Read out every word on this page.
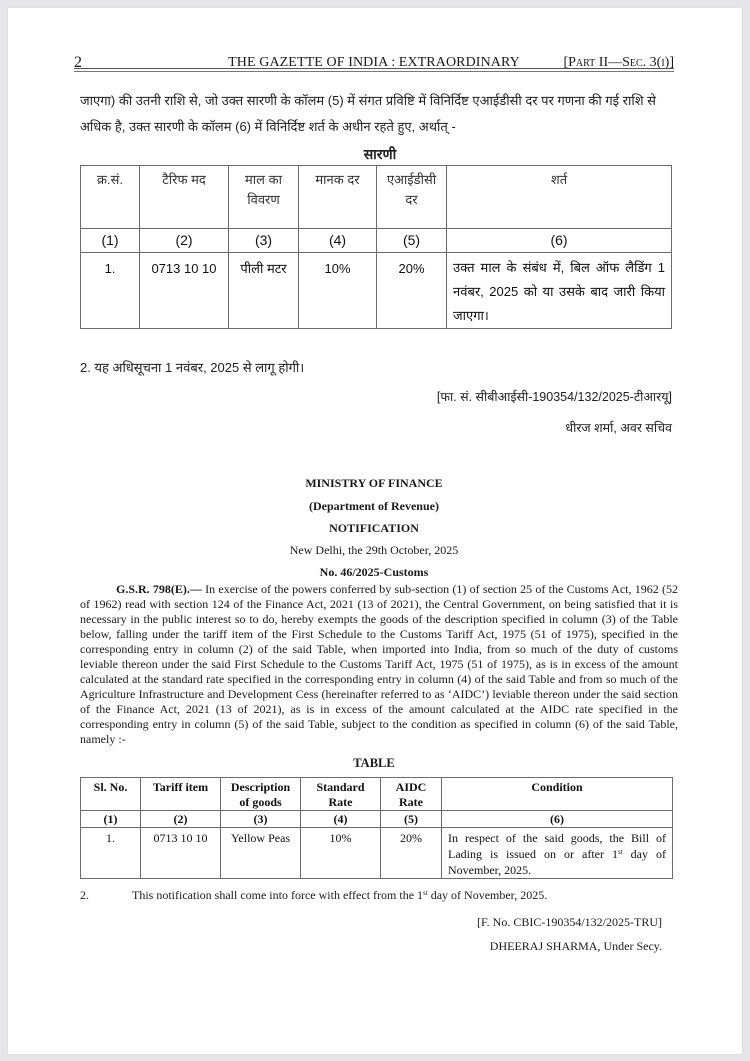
2	THE GAZETTE OF INDIA : EXTRAORDINARY	[Part II—Sec. 3(i)]
जाएगा) की उतनी राशि से, जो उक्त सारणी के कॉलम (5) में संगत प्रविष्टि में विनिर्दिष्ट एआईडीसी दर पर गणना की गई राशि से अधिक है, उक्त सारणी के कॉलम (6) में विनिर्दिष्ट शर्त के अधीन रहते हुए, अर्थात् -
सारणी
क्र.सं.	टैरिफ मद	माल का विवरण	मानक दर	एआईडीसी दर	शर्त
(1)	(2)	(3)	(4)	(5)	(6)
1.	0713 10 10	पीली मटर	10%	20%	उक्त माल के संबंध में, बिल ऑफ लैडिंग 1 नवंबर, 2025 को या उसके बाद जारी किया जाएगा।
2. यह अधिसूचना 1 नवंबर, 2025 से लागू होगी।
[फा. सं. सीबीआईसी-190354/132/2025-टीआरयू]
धीरज शर्मा, अवर सचिव
MINISTRY OF FINANCE
(Department of Revenue)
NOTIFICATION
New Delhi, the 29th October, 2025
No. 46/2025-Customs
G.S.R. 798(E).— In exercise of the powers conferred by sub-section (1) of section 25 of the Customs Act, 1962 (52 of 1962) read with section 124 of the Finance Act, 2021 (13 of 2021), the Central Government, on being satisfied that it is necessary in the public interest so to do, hereby exempts the goods of the description specified in column (3) of the Table below, falling under the tariff item of the First Schedule to the Customs Tariff Act, 1975 (51 of 1975), specified in the corresponding entry in column (2) of the said Table, when imported into India, from so much of the duty of customs leviable thereon under the said First Schedule to the Customs Tariff Act, 1975 (51 of 1975), as is in excess of the amount calculated at the standard rate specified in the corresponding entry in column (4) of the said Table and from so much of the Agriculture Infrastructure and Development Cess (hereinafter referred to as ‘AIDC’) leviable thereon under the said section of the Finance Act, 2021 (13 of 2021), as is in excess of the amount calculated at the AIDC rate specified in the corresponding entry in column (5) of the said Table, subject to the condition as specified in column (6) of the said Table, namely :-
TABLE
Sl. No.	Tariff item	Description of goods	Standard Rate	AIDC Rate	Condition
(1)	(2)	(3)	(4)	(5)	(6)
1.	0713 10 10	Yellow Peas	10%	20%	In respect of the said goods, the Bill of Lading is issued on or after 1st day of November, 2025.
2.	This notification shall come into force with effect from the 1st day of November, 2025.
[F. No. CBIC-190354/132/2025-TRU]
DHEERAJ SHARMA, Under Secy.
